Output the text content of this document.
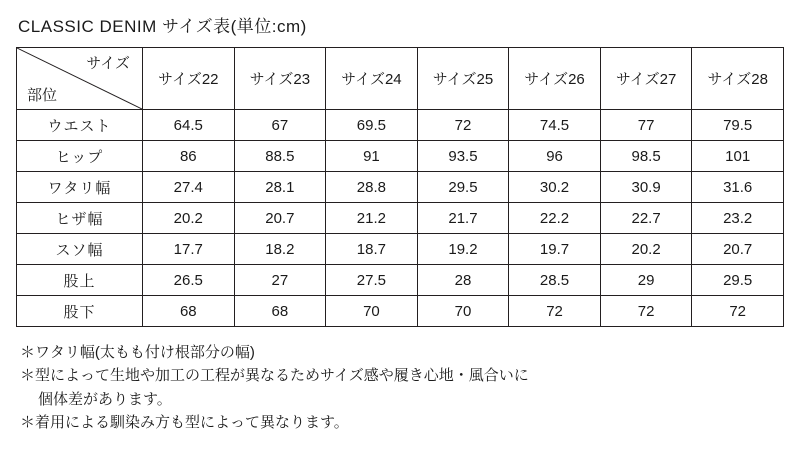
CLASSIC DENIM サイズ表(単位:cm)
サイズ
部位	サイズ22	サイズ23	サイズ24	サイズ25	サイズ26	サイズ27	サイズ28
ウエスト	64.5	67	69.5	72	74.5	77	79.5
ヒップ	86	88.5	91	93.5	96	98.5	101
ワタリ幅	27.4	28.1	28.8	29.5	30.2	30.9	31.6
ヒザ幅	20.2	20.7	21.2	21.7	22.2	22.7	23.2
スソ幅	17.7	18.2	18.7	19.2	19.7	20.2	20.7
股上	26.5	27	27.5	28	28.5	29	29.5
股下	68	68	70	70	72	72	72
＊ワタリ幅(太もも付け根部分の幅)
＊型によって生地や加工の工程が異なるためサイズ感や履き心地・風合いに
個体差があります。
＊着用による馴染み方も型によって異なります。
